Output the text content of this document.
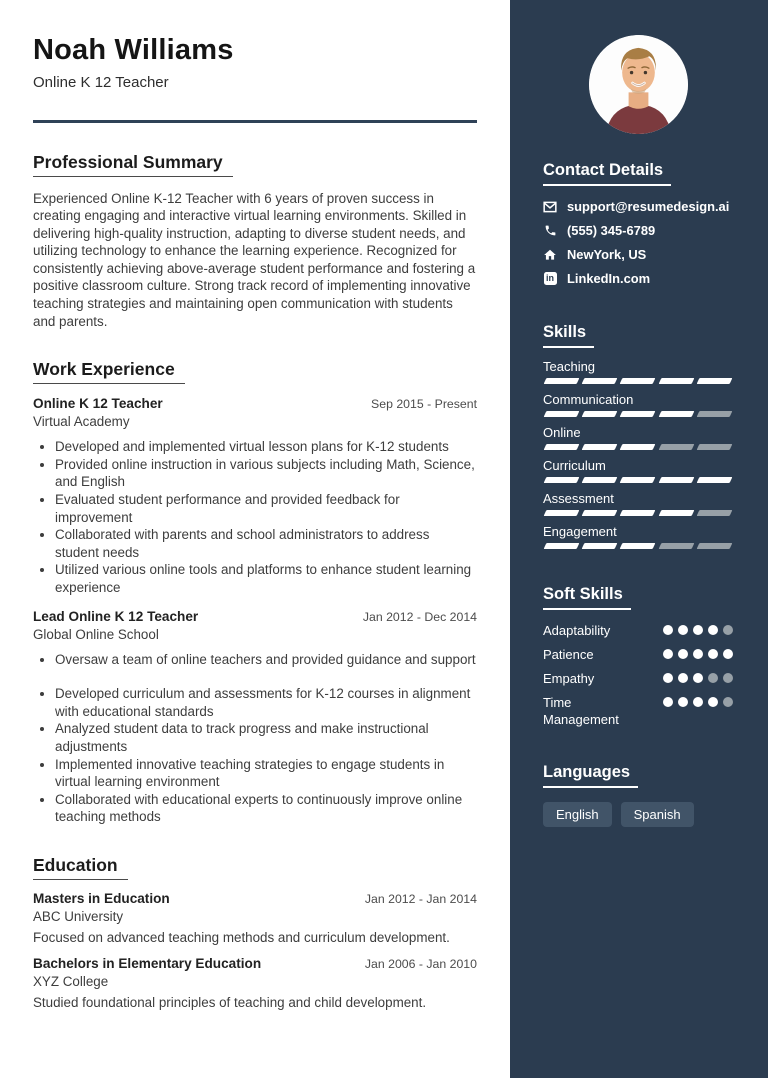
Noah Williams
Online K 12 Teacher
Professional Summary

Experienced Online K-12 Teacher with 6 years of proven success in creating engaging and interactive virtual learning environments. Skilled in delivering high-quality instruction, adapting to diverse student needs, and utilizing technology to enhance the learning experience. Recognized for consistently achieving above-average student performance and fostering a positive classroom culture. Strong track record of implementing innovative teaching strategies and maintaining open communication with students and parents.

Work Experience
Online K 12 Teacher	Sep 2015 - Present
Virtual Academy
• Developed and implemented virtual lesson plans for K-12 students
• Provided online instruction in various subjects including Math, Science, and English
• Evaluated student performance and provided feedback for improvement
• Collaborated with parents and school administrators to address student needs
• Utilized various online tools and platforms to enhance student learning experience
Lead Online K 12 Teacher	Jan 2012 - Dec 2014
Global Online School
• Oversaw a team of online teachers and provided guidance and support
• Developed curriculum and assessments for K-12 courses in alignment with educational standards
• Analyzed student data to track progress and make instructional adjustments
• Implemented innovative teaching strategies to engage students in virtual learning environment
• Collaborated with educational experts to continuously improve online teaching methods
Education
Masters in Education	Jan 2012 - Jan 2014
ABC University

Focused on advanced teaching methods and curriculum development.

Bachelors in Elementary Education	Jan 2006 - Jan 2010
XYZ College

Studied foundational principles of teaching and child development.

Contact Details
support@resumedesign.ai
(555) 345-6789
NewYork, US
in LinkedIn.com
Skills
Teaching
Communication
Online
Curriculum
Assessment
Engagement
Soft Skills
Adaptability
Patience
Empathy
Time Management
Languages
English	Spanish
